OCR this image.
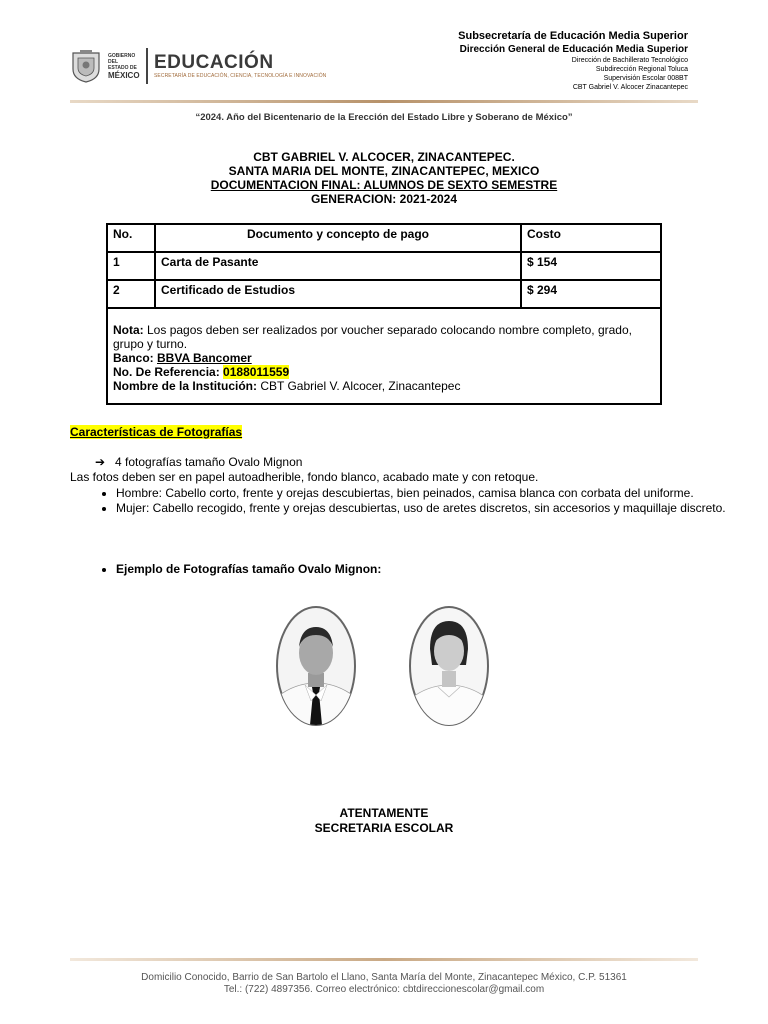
GOBIERNO DEL
ESTADO DE
MÉXICO
EDUCACIÓN
SECRETARÍA DE EDUCACIÓN, CIENCIA, TECNOLOGÍA E INNOVACIÓN
Subsecretaría de Educación Media Superior
Dirección General de Educación Media Superior
Dirección de Bachillerato Tecnológico
Subdirección Regional Toluca
Supervisión Escolar 008BT
CBT Gabriel V. Alcocer Zinacantepec
“2024. Año del Bicentenario de la Erección del Estado Libre y Soberano de México”
CBT GABRIEL V. ALCOCER, ZINACANTEPEC.
SANTA MARIA DEL MONTE, ZINACANTEPEC, MEXICO
DOCUMENTACION FINAL: ALUMNOS DE SEXTO SEMESTRE
GENERACION: 2021-2024
No.	Documento y concepto de pago	Costo
1	Carta de Pasante	$ 154
2	Certificado de Estudios	$ 294
Nota: Los pagos deben ser realizados por voucher separado colocando nombre completo, grado, grupo y turno.
Banco: BBVA Bancomer
No. De Referencia: 0188011559
Nombre de la Institución: CBT Gabriel V. Alcocer, Zinacantepec		
Características de Fotografías
➔ 4 fotografías tamaño Ovalo Mignon
Las fotos deben ser en papel autoadherible, fondo blanco, acabado mate y con retoque.
• Hombre: Cabello corto, frente y orejas descubiertas, bien peinados, camisa blanca con corbata del uniforme.
• Mujer: Cabello recogido, frente y orejas descubiertas, uso de aretes discretos, sin accesorios y maquillaje discreto.
• Ejemplo de Fotografías tamaño Ovalo Mignon:
ATENTAMENTE
SECRETARIA ESCOLAR
Domicilio Conocido, Barrio de San Bartolo el Llano, Santa María del Monte, Zinacantepec México, C.P. 51361
Tel.: (722) 4897356. Correo electrónico: cbtdireccionescolar@gmail.com
